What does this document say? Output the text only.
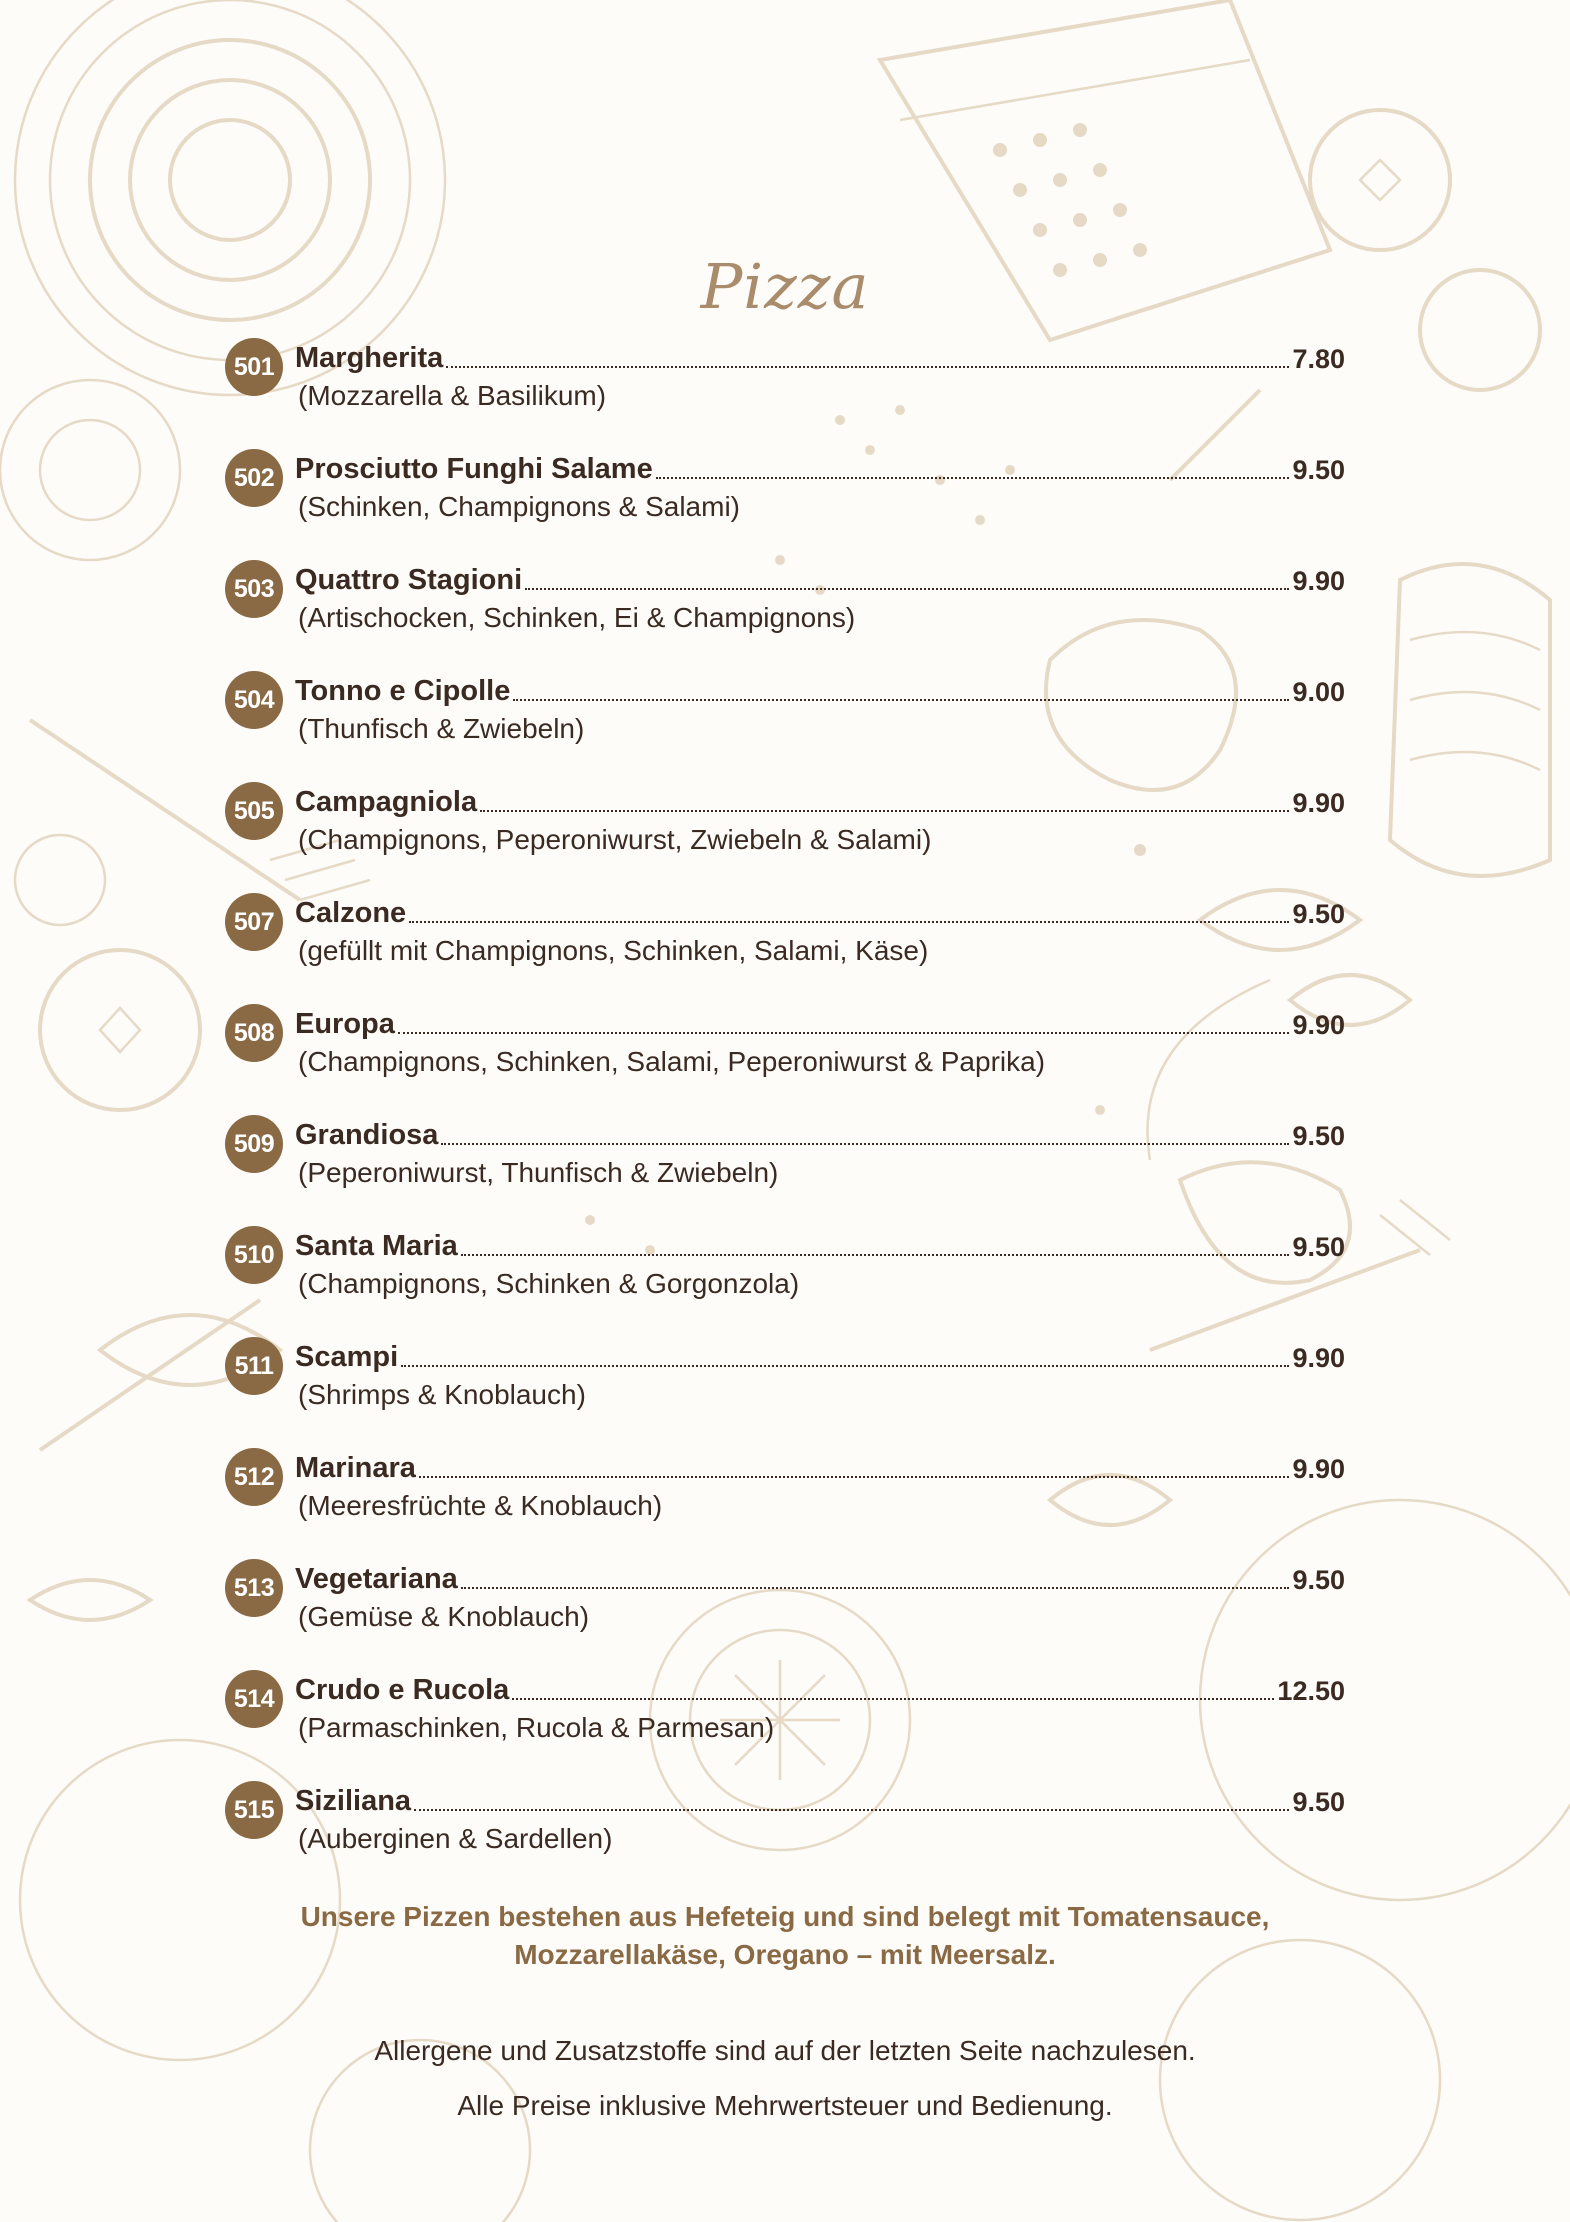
Pizza
501 Margherita	7.80
(Mozzarella & Basilikum)
502 Prosciutto Funghi Salame	9.50
(Schinken, Champignons & Salami)
503 Quattro Stagioni	9.90
(Artischocken, Schinken, Ei & Champignons)
504 Tonno e Cipolle	9.00
(Thunfisch & Zwiebeln)
505 Campagniola	9.90
(Champignons, Peperoniwurst, Zwiebeln & Salami)
507 Calzone	9.50
(gefüllt mit Champignons, Schinken, Salami, Käse)
508 Europa	9.90
(Champignons, Schinken, Salami, Peperoniwurst & Paprika)
509 Grandiosa	9.50
(Peperoniwurst, Thunfisch & Zwiebeln)
510 Santa Maria	9.50
(Champignons, Schinken & Gorgonzola)
511 Scampi	9.90
(Shrimps & Knoblauch)
512 Marinara	9.90
(Meeresfrüchte & Knoblauch)
513 Vegetariana	9.50
(Gemüse & Knoblauch)
514 Crudo e Rucola	12.50
(Parmaschinken, Rucola & Parmesan)
515 Siziliana	9.50
(Auberginen & Sardellen)
Unsere Pizzen bestehen aus Hefeteig und sind belegt mit Tomatensauce,
Mozzarellakäse, Oregano – mit Meersalz.
Allergene und Zusatzstoffe sind auf der letzten Seite nachzulesen.
Alle Preise inklusive Mehrwertsteuer und Bedienung.
